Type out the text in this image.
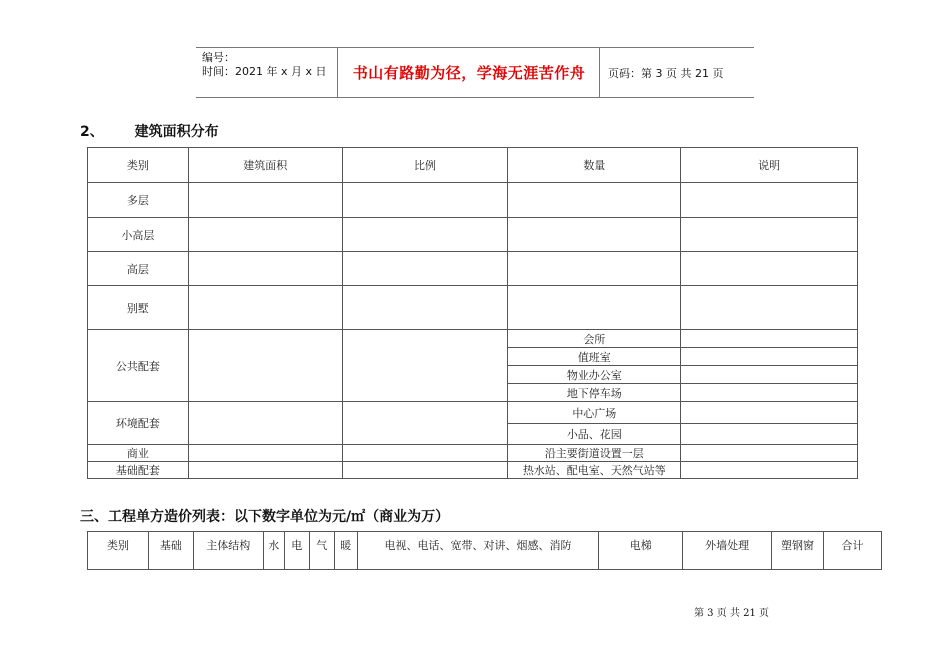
编号：
时间：2021 年 x 月 x 日	书山有路勤为径，学海无涯苦作舟	页码：第 3 页 共 21 页
2、 建筑面积分布
类别	建筑面积	比例	数量	说明
多层				
小高层				
高层				
别墅				
公共配套			会所	
			值班室	
			物业办公室	
			地下停车场	
环境配套			中心广场	
			小品、花园	
商业			沿主要街道设置一层	
基础配套			热水站、配电室、天然气站等	
三、工程单方造价列表：以下数字单位为元/㎡（商业为万）
类别	基础	主体结构	水	电	气	暖	电视、电话、宽带、对讲、烟感、消防	电梯	外墙处理	塑钢窗	合计
第 3 页 共 21 页
